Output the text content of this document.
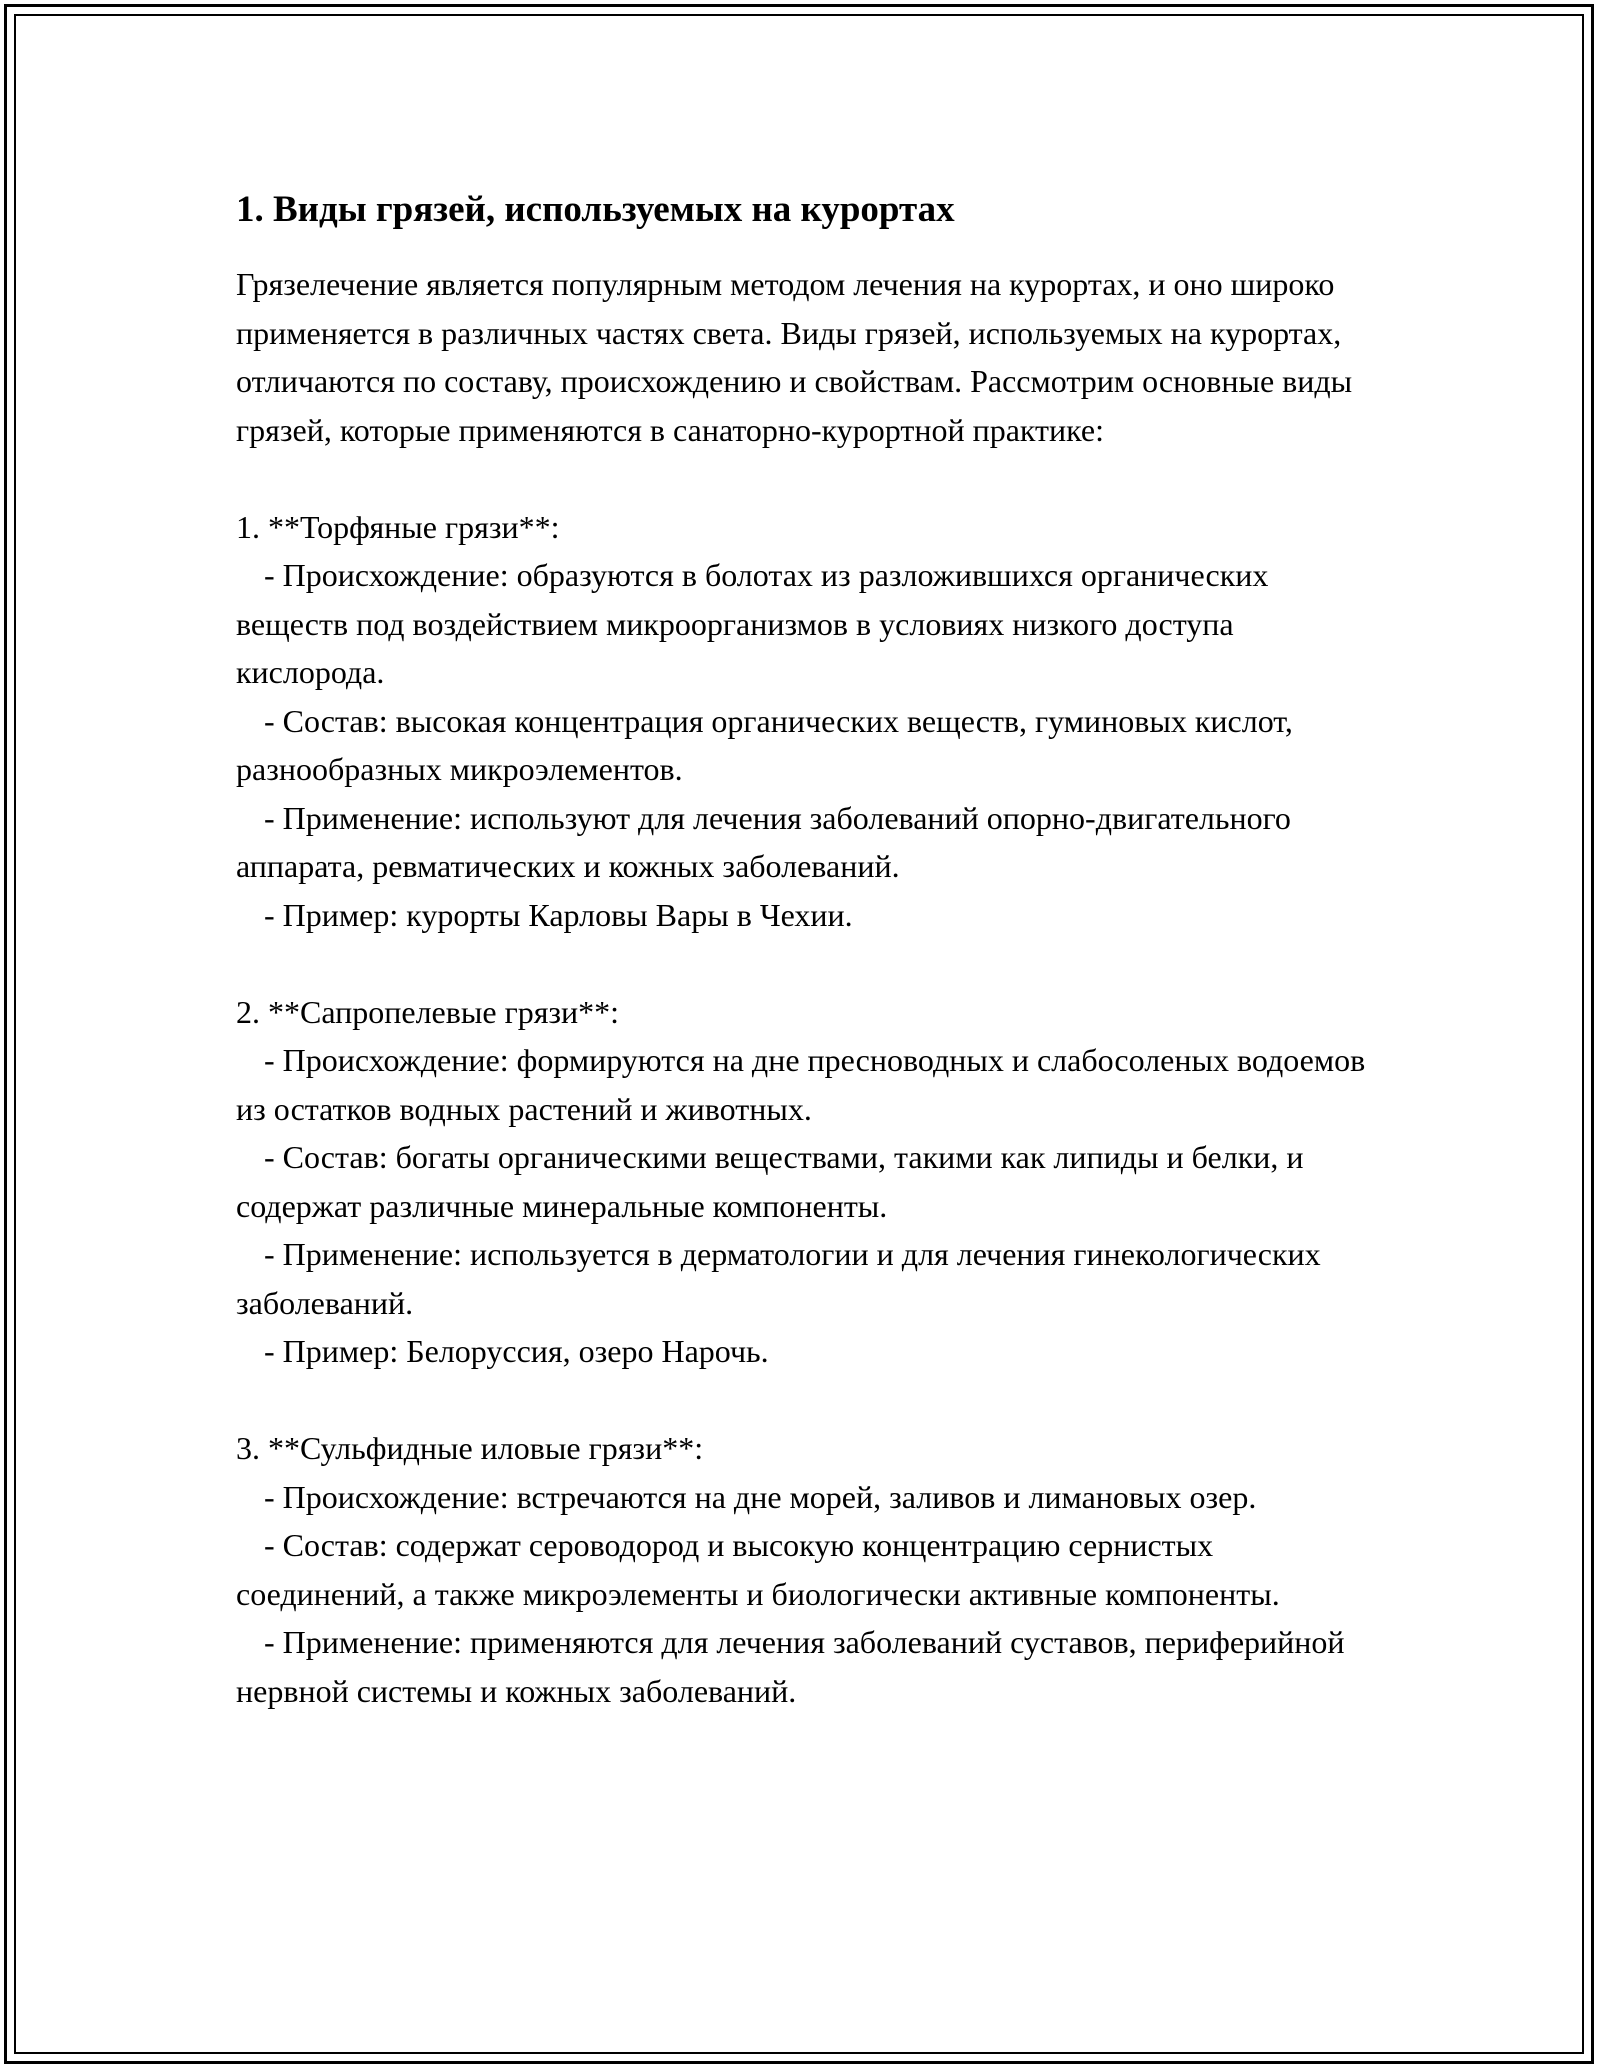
1. Виды грязей, используемых на курортах

Грязелечение является популярным методом лечения на курортах, и оно широко применяется в различных частях света. Виды грязей, используемых на курортах, отличаются по составу, происхождению и свойствам. Рассмотрим основные виды грязей, которые применяются в санаторно-курортной практике:

1. **Торфяные грязи**:

- Происхождение: образуются в болотах из разложившихся органических веществ под воздействием микроорганизмов в условиях низкого доступа кислорода.

- Состав: высокая концентрация органических веществ, гуминовых кислот, разнообразных микроэлементов.

- Применение: используют для лечения заболеваний опорно-двигательного аппарата, ревматических и кожных заболеваний.

- Пример: курорты Карловы Вары в Чехии.

2. **Сапропелевые грязи**:

- Происхождение: формируются на дне пресноводных и слабосоленых водоемов из остатков водных растений и животных.

- Состав: богаты органическими веществами, такими как липиды и белки, и содержат различные минеральные компоненты.

- Применение: используется в дерматологии и для лечения гинекологических заболеваний.

- Пример: Белоруссия, озеро Нарочь.

3. **Сульфидные иловые грязи**:

- Происхождение: встречаются на дне морей, заливов и лимановых озер.

- Состав: содержат сероводород и высокую концентрацию сернистых соединений, а также микроэлементы и биологически активные компоненты.

- Применение: применяются для лечения заболеваний суставов, периферийной нервной системы и кожных заболеваний.
